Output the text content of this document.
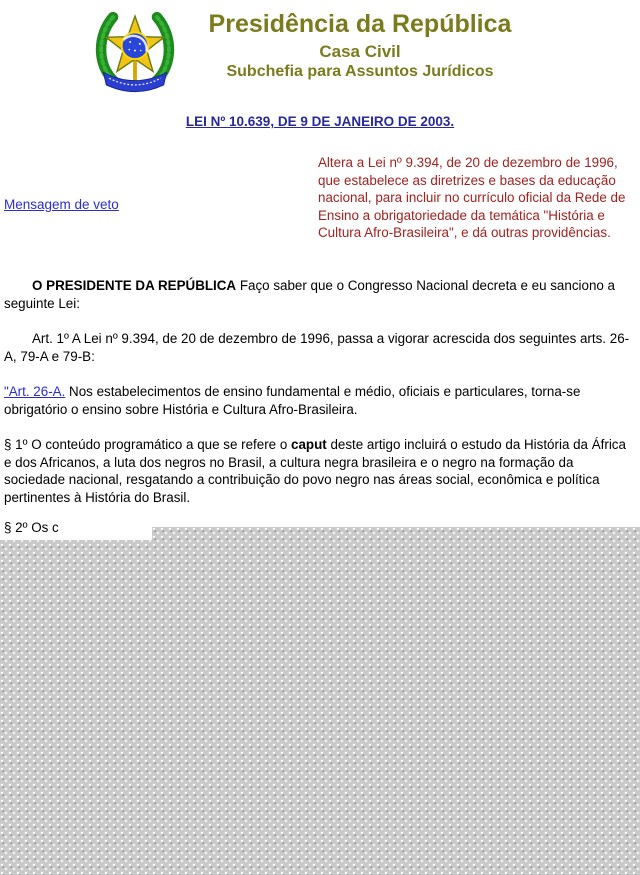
Presidência da República
Casa Civil
Subchefia para Assuntos Jurídicos
LEI Nº 10.639, DE 9 DE JANEIRO DE 2003.
Mensagem de veto
Altera a Lei nº 9.394, de 20 de dezembro de 1996, que estabelece as diretrizes e bases da educação nacional, para incluir no currículo oficial da Rede de Ensino a obrigatoriedade da temática "História e Cultura Afro-Brasileira", e dá outras providências.
O PRESIDENTE DA REPÚBLICA Faço saber que o Congresso Nacional decreta e eu sanciono a seguinte Lei:
Art. 1º A Lei nº 9.394, de 20 de dezembro de 1996, passa a vigorar acrescida dos seguintes arts. 26-A, 79-A e 79-B:
"Art. 26-A. Nos estabelecimentos de ensino fundamental e médio, oficiais e particulares, torna-se obrigatório o ensino sobre História e Cultura Afro-Brasileira.
§ 1º O conteúdo programático a que se refere o caput deste artigo incluirá o estudo da História da África e dos Africanos, a luta dos negros no Brasil, a cultura negra brasileira e o negro na formação da sociedade nacional, resgatando a contribuição do povo negro nas áreas social, econômica e política pertinentes à História do Brasil.
§ 2º Os c
